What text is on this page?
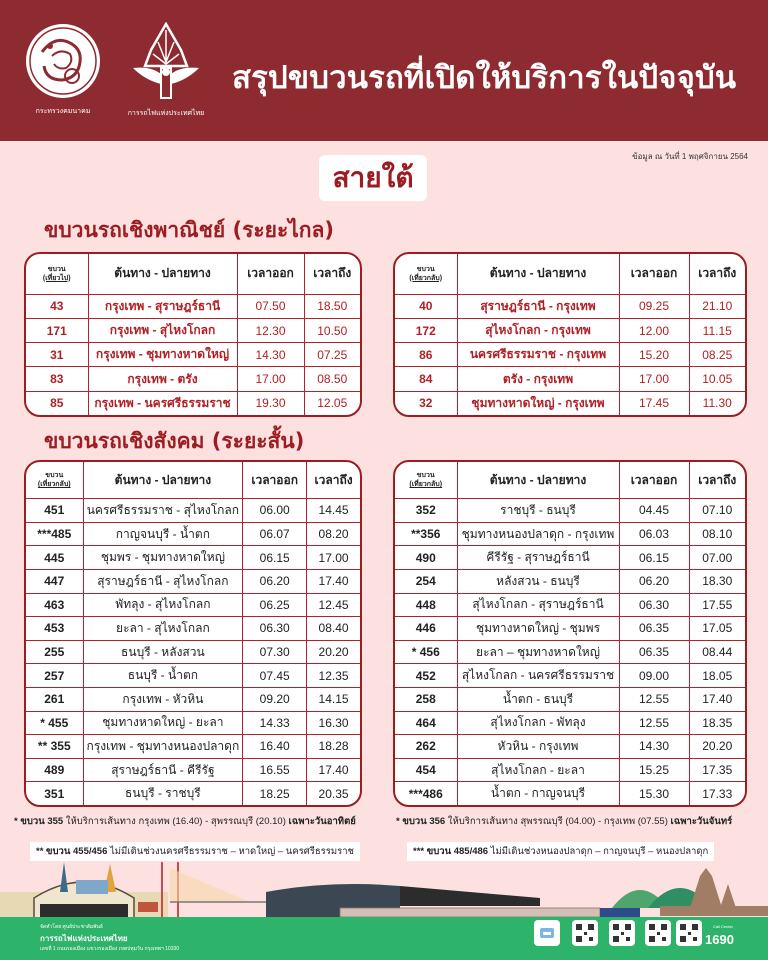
กระทรวงคมนาคม	การรถไฟแห่งประเทศไทย
สรุปขบวนรถที่เปิดให้บริการในปัจจุบัน
ข้อมูล ณ วันที่ 1 พฤศจิกายน 2564
สายใต้
ขบวนรถเชิงพาณิชย์ (ระยะไกล)
ขบวน
(เที่ยวไป)	ต้นทาง - ปลายทาง	เวลาออก	เวลาถึง
43	กรุงเทพ - สุราษฎร์ธานี	07.50	18.50
171	กรุงเทพ - สุไหงโกลก	12.30	10.50
31	กรุงเทพ - ชุมทางหาดใหญ่	14.30	07.25
83	กรุงเทพ - ตรัง	17.00	08.50
85	กรุงเทพ - นครศรีธรรมราช	19.30	12.05
ขบวน
(เที่ยวกลับ)	ต้นทาง - ปลายทาง	เวลาออก	เวลาถึง
40	สุราษฎร์ธานี - กรุงเทพ	09.25	21.10
172	สุไหงโกลก - กรุงเทพ	12.00	11.15
86	นครศรีธรรมราช - กรุงเทพ	15.20	08.25
84	ตรัง - กรุงเทพ	17.00	10.05
32	ชุมทางหาดใหญ่ - กรุงเทพ	17.45	11.30
ขบวนรถเชิงสังคม (ระยะสั้น)
ขบวน
(เที่ยวกลับ)	ต้นทาง - ปลายทาง	เวลาออก	เวลาถึง
451	นครศรีธรรมราช - สุไหงโกลก	06.00	14.45
***485	กาญจนบุรี - น้ำตก	06.07	08.20
445	ชุมพร - ชุมทางหาดใหญ่	06.15	17.00
447	สุราษฎร์ธานี - สุไหงโกลก	06.20	17.40
463	พัทลุง - สุไหงโกลก	06.25	12.45
453	ยะลา - สุไหงโกลก	06.30	08.40
255	ธนบุรี - หลังสวน	07.30	20.20
257	ธนบุรี - น้ำตก	07.45	12.35
261	กรุงเทพ - หัวหิน	09.20	14.15
* 455	ชุมทางหาดใหญ่ - ยะลา	14.33	16.30
** 355	กรุงเทพ - ชุมทางหนองปลาดุก	16.40	18.28
489	สุราษฎร์ธานี - คีรีรัฐ	16.55	17.40
351	ธนบุรี - ราชบุรี	18.25	20.35
ขบวน
(เที่ยวกลับ)	ต้นทาง - ปลายทาง	เวลาออก	เวลาถึง
352	ราชบุรี - ธนบุรี	04.45	07.10
**356	ชุมทางหนองปลาดุก - กรุงเทพ	06.03	08.10
490	คีรีรัฐ - สุราษฎร์ธานี	06.15	07.00
254	หลังสวน - ธนบุรี	06.20	18.30
448	สุไหงโกลก - สุราษฎร์ธานี	06.30	17.55
446	ชุมทางหาดใหญ่ - ชุมพร	06.35	17.05
* 456	ยะลา – ชุมทางหาดใหญ่	06.35	08.44
452	สุไหงโกลก - นครศรีธรรมราช	09.00	18.05
258	น้ำตก - ธนบุรี	12.55	17.40
464	สุไหงโกลก - พัทลุง	12.55	18.35
262	หัวหิน - กรุงเทพ	14.30	20.20
454	สุไหงโกลก - ยะลา	15.25	17.35
***486	น้ำตก - กาญจนบุรี	15.30	17.33
* ขบวน 355 ให้บริการเส้นทาง กรุงเทพ (16.40) - สุพรรณบุรี (20.10) เฉพาะวันอาทิตย์	* ขบวน 356 ให้บริการเส้นทาง สุพรรณบุรี (04.00) - กรุงเทพ (07.55) เฉพาะวันจันทร์
** ขบวน 455/456 ไม่มีเดินช่วงนครศรีธรรมราช – หาดใหญ่ – นครศรีธรรมราช	*** ขบวน 485/486 ไม่มีเดินช่วงหนองปลาดุก – กาญจนบุรี – หนองปลาดุก
จัดทำโดย ศูนย์ประชาสัมพันธ์
การรถไฟแห่งประเทศไทย
เลขที่ 1 ถนนรองเมือง แขวงรองเมือง เขตปทุมวัน กรุงเทพฯ 10330
Call Center
1690
